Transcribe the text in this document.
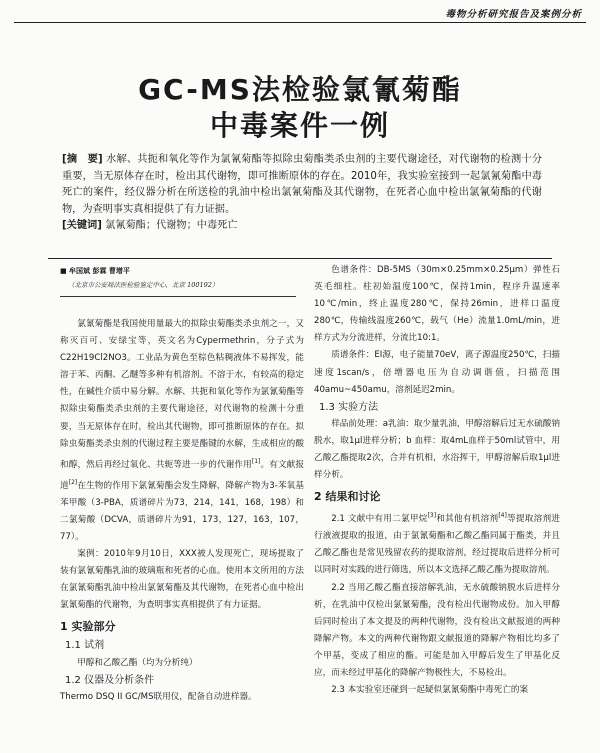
毒物分析研究报告及案例分析
GC-MS法检验氯氰菊酯
中毒案件一例
[摘　要] 水解、共扼和氧化等作为氯氰菊酯等拟除虫菊酯类杀虫剂的主要代谢途径，对代谢物的检测十分重要，当无原体存在时，检出其代谢物，即可推断原体的存在。2010年，我实验室接到一起氯氰菊酯中毒死亡的案件，经仪器分析在所送检的乳油中检出氯氰菊酯及其代谢物，在死者心血中检出氯氰菊酯的代谢物，为查明事实真相提供了有力证据。
[关键词] 氯氰菊酯；代谢物；中毒死亡
■ 牟国斌 彭霖 曹增平
（北京市公安局法医检验鉴定中心，北京 100192）

氯氰菊酯是我国使用量最大的拟除虫菊酯类杀虫剂之一，又称灭百可、安绿宝等，英文名为Cypermethrin，分子式为C22H19Cl2NO3。工业品为黄色至棕色粘稠液体不易挥发，能溶于苯、丙酮、乙醚等多种有机溶剂。不溶于水，有较高的稳定性，在碱性介质中易分解。水解、共扼和氧化等作为氯氰菊酯等拟除虫菊酯类杀虫剂的主要代谢途径，对代谢物的检测十分重要，当无原体存在时，检出其代谢物，即可推断原体的存在。拟除虫菊酯类杀虫剂的代谢过程主要是酯键的水解，生成相应的酸和醇，然后再经过氧化、共轭等进一步的代谢作用[1]。有文献报道[2]在生物的作用下氯氰菊酯会发生降解，降解产物为3-苯氧基苯甲酸（3-PBA，质谱碎片为73，214，141，168，198）和二氯菊酸（DCVA，质谱碎片为91，173，127，163，107，77）。

案例：2010年9月10日，XXX被人发现死亡，现场提取了装有氯氰菊酯乳油的玻璃瓶和死者的心血。使用本文所用的方法在氯氰菊酯乳油中检出氯氰菊酯及其代谢物，在死者心血中检出氯氰菊酯的代谢物，为查明事实真相提供了有力证据。

1 实验部分
1.1 试剂

甲醇和乙酸乙酯（均为分析纯）

1.2 仪器及分析条件

Thermo DSQ II GC/MS联用仪，配备自动进样器。

色谱条件：DB-5MS（30m×0.25mm×0.25μm）弹性石英毛细柱。柱初始温度100℃，保持1min，程序升温速率10℃/min，终止温度280℃，保持26min，进样口温度280℃，传输线温度260℃，载气（He）流量1.0mL/min，进样方式为分流进样，分流比10:1。

质谱条件：EI源，电子能量70eV，离子源温度250℃，扫描速度1scan/s，倍增器电压为自动调谐值，扫描范围40amu~450amu，溶剂延迟2min。

1.3 实验方法

样品前处理：a乳油：取少量乳油，甲醇溶解后过无水硫酸钠脱水，取1μl进样分析；b 血样：取4mL血样于50ml试管中，用乙酸乙酯提取2次，合并有机相，水浴挥干，甲醇溶解后取1μl进样分析。

2 结果和讨论

2.1 文献中有用二氯甲烷[3]和其他有机溶剂[4]等提取溶剂进行液液提取的报道，由于氯氰菊酯和乙酸乙酯同属于酯类，并且乙酸乙酯也是常见残留农药的提取溶剂，经过提取后进样分析可以同时对实践的进行筛选，所以本文选择乙酸乙酯为提取溶剂。

2.2 当用乙酸乙酯直接溶解乳油，无水硫酸钠脱水后进样分析，在乳油中仅检出氯氰菊酯，没有检出代谢物成份。加入甲醇后同时检出了本文提及的两种代谢物，没有检出文献报道的两种降解产物。本文的两种代谢物跟文献报道的降解产物相比均多了个甲基，变成了相应的酯。可能是加入甲醇后发生了甲基化反应，而未经过甲基化的降解产物极性大，不易检出。

2.3 本实验室还碰到一起疑似氯氰菊酯中毒死亡的案
